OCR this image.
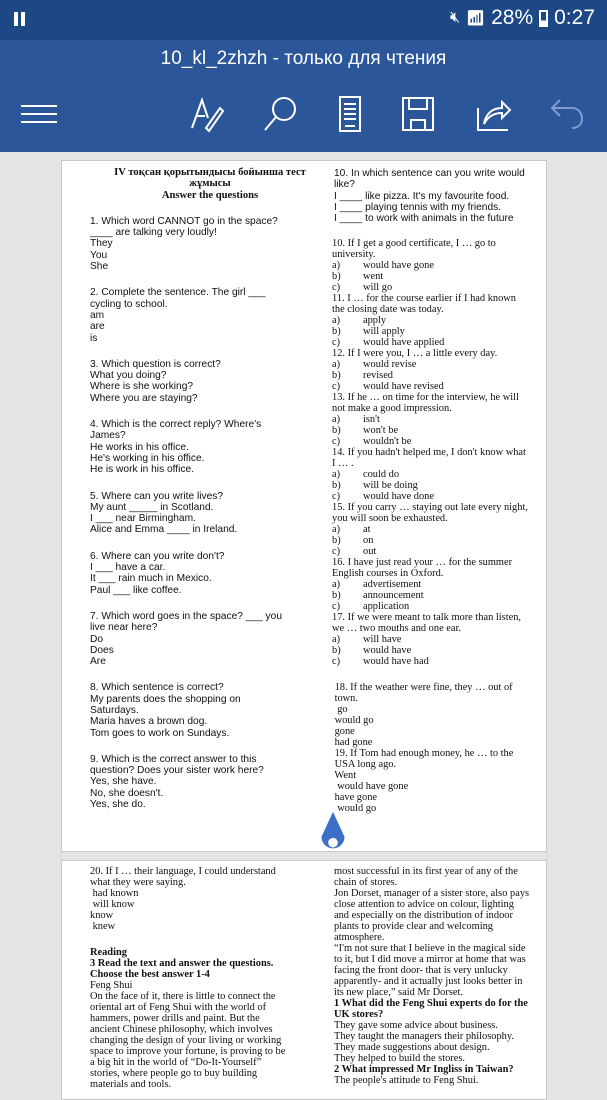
🔇︎ 📶︎ 28% 0:27
10_kl_2zhzh - только для чтения
IV тоқсан қорытындысы бойынша тест
жұмысы
Answer the questions
1. Which word CANNOT go in the space?
____ are talking very loudly!
They
You
She
2. Complete the sentence. The girl ___
cycling to school.
am
are
is
3. Which question is correct?
What you doing?
Where is she working?
Where you are staying?
4. Which is the correct reply? Where's
James?
He works in his office.
He's working in his office.
He is work in his office.
5. Where can you write lives?
My aunt _____ in Scotland.
I ___ near Birmingham.
Alice and Emma ____ in Ireland.
6. Where can you write don't?
I ___ have a car.
It ___ rain much in Mexico.
Paul ___ like coffee.
7. Which word goes in the space? ___ you
live near here?
Do
Does
Are
8. Which sentence is correct?
My parents does the shopping on
Saturdays.
Maria haves a brown dog.
Tom goes to work on Sundays.
9. Which is the correct answer to this
question? Does your sister work here?
Yes, she have.
No, she doesn't.
Yes, she do.
10. In which sentence can you write would
like?
I ____ like pizza. It's my favourite food.
I ____ playing tennis with my friends.
I ____ to work with animals in the future
10. If I get a good certificate, I … go to
university.
a) would have gone
b) went
c) will go
11. I … for the course earlier if I had known
the closing date was today.
a) apply
b) will apply
c) would have applied
12. If I were you, I … a little every day.
a) would revise
b) revised
c) would have revised
13. If he … on time for the interview, he will
not make a good impression.
a) isn't
b) won't be
c) wouldn't be
14. If you hadn't helped me, I don't know what
I … .
a) could do
b) will be doing
c) would have done
15. If you carry … staying out late every night,
you will soon be exhausted.
a) at
b) on
c) out
16. I have just read your … for the summer
English courses in Oxford.
a) advertisement
b) announcement
c) application
17. If we were meant to talk more than listen,
we … two mouths and one ear.
a) will have
b) would have
c) would have had
18. If the weather were fine, they … out of
town.
go
would go
gone
had gone
19. If Tom had enough money, he … to the
USA long ago.
Went
would have gone
have gone
would go
20. If I … their language, I could understand
what they were saying.
had known
will know
know
knew
Reading
3 Read the text and answer the questions.
Choose the best answer 1-4
Feng Shui
On the face of it, there is little to connect the
oriental art of Feng Shui with the world of
hammers, power drills and paint. But the
ancient Chinese philosophy, which involves
changing the design of your living or working
space to improve your fortune, is proving to be
a big hit in the world of “Do-It-Yourself”
stories, where people go to buy building
materials and tools.
most successful in its first year of any of the
chain of stores.
Jon Dorset, manager of a sister store, also pays
close attention to advice on colour, lighting
and especially on the distribution of indoor
plants to provide clear and welcoming
atmosphere.
“I'm not sure that I believe in the magical side
to it, but I did move a mirror at home that was
facing the front door- that is very unlucky
apparently- and it actually just looks better in
its new place,” said Mr Dorset.
1 What did the Feng Shui experts do for the
UK stores?
They gave some advice about business.
They taught the managers their philosophy.
They made suggestions about design.
They helped to build the stores.
2 What impressed Mr Ingliss in Taiwan?
The people's attitude to Feng Shui.
